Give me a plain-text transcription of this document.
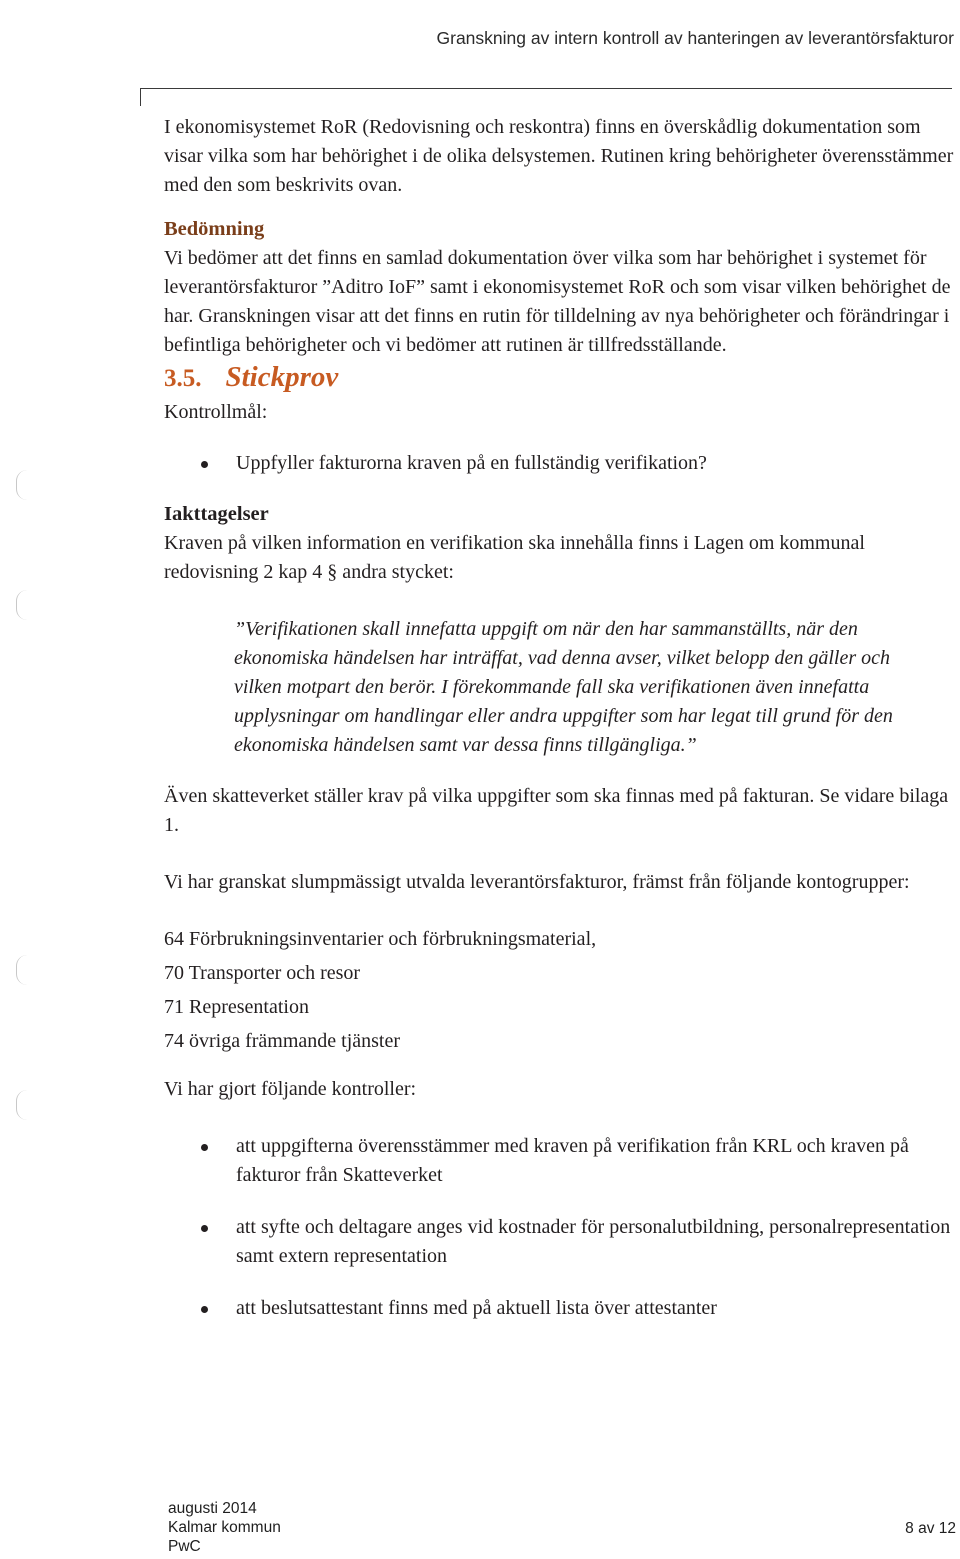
Granskning av intern kontroll av hanteringen av leverantörsfakturor

I ekonomisystemet RoR (Redovisning och reskontra) finns en överskådlig dokumentation som visar vilka som har behörighet i de olika delsystemen. Rutinen kring behörigheter överensstämmer med den som beskrivits ovan.

Bedömning

Vi bedömer att det finns en samlad dokumentation över vilka som har behörighet i systemet för leverantörsfakturor ”Aditro IoF” samt i ekonomisystemet RoR och som visar vilken behörighet de har. Granskningen visar att det finns en rutin för tilldelning av nya behörigheter och förändringar i befintliga behörigheter och vi bedömer att rutinen är tillfredsställande.

3.5. Stickprov

Kontrollmål:

Uppfyller fakturorna kraven på en fullständig verifikation?

Iakttagelser

Kraven på vilken information en verifikation ska innehålla finns i Lagen om kommunal redovisning 2 kap 4 § andra stycket:

”Verifikationen skall innefatta uppgift om när den har sammanställts, när den ekonomiska händelsen har inträffat, vad denna avser, vilket belopp den gäller och vilken motpart den berör. I förekommande fall ska verifikationen även innefatta upplysningar om handlingar eller andra uppgifter som har legat till grund för den ekonomiska händelsen samt var dessa finns tillgängliga.”

Även skatteverket ställer krav på vilka uppgifter som ska finnas med på fakturan. Se vidare bilaga 1.

Vi har granskat slumpmässigt utvalda leverantörsfakturor, främst från följande kontogrupper:

64 Förbrukningsinventarier och förbrukningsmaterial,
70 Transporter och resor
71 Representation
74 övriga främmande tjänster

Vi har gjort följande kontroller:

att uppgifterna överensstämmer med kraven på verifikation från KRL och kraven på fakturor från Skatteverket
att syfte och deltagare anges vid kostnader för personalutbildning, personalrepresentation samt extern representation
att beslutsattestant finns med på aktuell lista över attestanter
augusti 2014
Kalmar kommun
PwC
8 av 12
